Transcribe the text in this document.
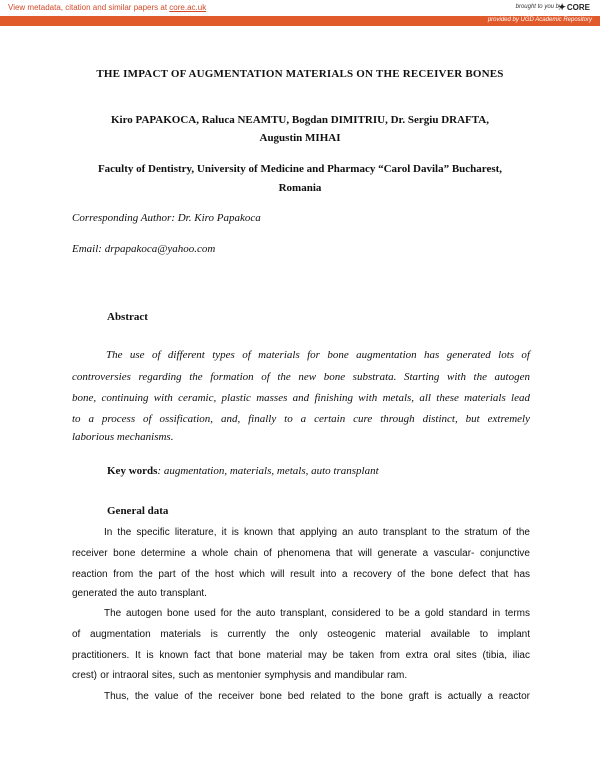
View metadata, citation and similar papers at core.ac.uk	brought to you by
✦CORE
provided by UGD Academic Repository
THE IMPACT OF AUGMENTATION MATERIALS ON THE RECEIVER BONES
Kiro PAPAKOCA, Raluca NEAMTU, Bogdan DIMITRIU, Dr. Sergiu DRAFTA,
Augustin MIHAI
Faculty of Dentistry, University of Medicine and Pharmacy “Carol Davila” Bucharest,
Romania
Corresponding Author: Dr. Kiro Papakoca
Email: drpapakoca@yahoo.com
Abstract
The use of different types of materials for bone augmentation has generated lots of
controversies regarding the formation of the new bone substrata. Starting with the autogen
bone, continuing with ceramic, plastic masses and finishing with metals, all these materials lead
to a process of ossification, and, finally to a certain cure through distinct, but extremely
laborious mechanisms.
Key words: augmentation, materials, metals, auto transplant
General data
In the specific literature, it is known that applying an auto transplant to the stratum of the
receiver bone determine a whole chain of phenomena that will generate a vascular- conjunctive
reaction from the part of the host which will result into a recovery of the bone defect that has
generated the auto transplant.
The autogen bone used for the auto transplant, considered to be a gold standard in terms
of augmentation materials is currently the only osteogenic material available to implant
practitioners. It is known fact that bone material may be taken from extra oral sites (tibia, iliac
crest) or intraoral sites, such as mentonier symphysis and mandibular ram.
Thus, the value of the receiver bone bed related to the bone graft is actually a reactor
